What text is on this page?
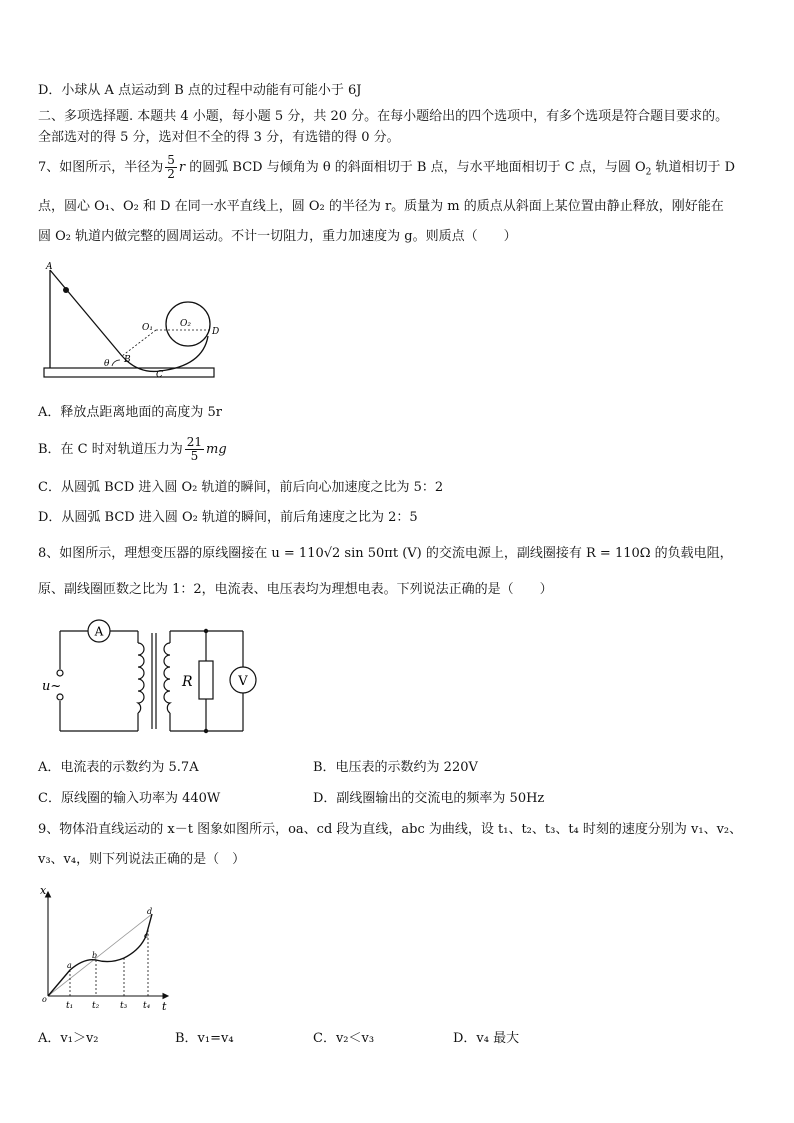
D．小球从 A 点运动到 B 点的过程中动能有可能小于 6J
二、多项选择题. 本题共 4 小题，每小题 5 分，共 20 分。在每小题给出的四个选项中，有多个选项是符合题目要求的。
全部选对的得 5 分，选对但不全的得 3 分，有选错的得 0 分。
7、如图所示，半径为 $\frac{5}{2}$ r 的圆弧 BCD 与倾角为 θ 的斜面相切于 B 点，与水平地面相切于 C 点，与圆 $O_2$ 轨道相切于 D
点，圆心 O₁、O₂ 和 D 在同一水平直线上，圆 O₂ 的半径为 r。质量为 m 的质点从斜面上某位置由静止释放，刚好能在
圆 O₂ 轨道内做完整的圆周运动。不计一切阻力，重力加速度为 g。则质点（　　）
A
B
C
D
θ
O₁	O₂
A．释放点距离地面的高度为 5r
B．在 C 时对轨道压力为 $\frac{21}{5}$ mg
C．从圆弧 BCD 进入圆 O₂ 轨道的瞬间，前后向心加速度之比为 5：2
D．从圆弧 BCD 进入圆 O₂ 轨道的瞬间，前后角速度之比为 2：5
8、如图所示，理想变压器的原线圈接在 u = 110√2 sin 50πt (V) 的交流电源上，副线圈接有 R = 110Ω 的负载电阻，
原、副线圈匝数之比为 1：2，电流表、电压表均为理想电表。下列说法正确的是（　　）
A
R	V
u~
A．电流表的示数约为 5.7A	B．电压表的示数约为 220V
C．原线圈的输入功率为 440W	D．副线圈输出的交流电的频率为 50Hz
9、物体沿直线运动的 x－t 图象如图所示，oa、cd 段为直线，abc 为曲线，设 t₁、t₂、t₃、t₄ 时刻的速度分别为 v₁、v₂、
v₃、v₄，则下列说法正确的是（　）
x
t
o
a
b
c
d
t₁ t₂ t₃ t₄
A．v₁＞v₂	B．v₁=v₄	C．v₂＜v₃	D．v₄ 最大
